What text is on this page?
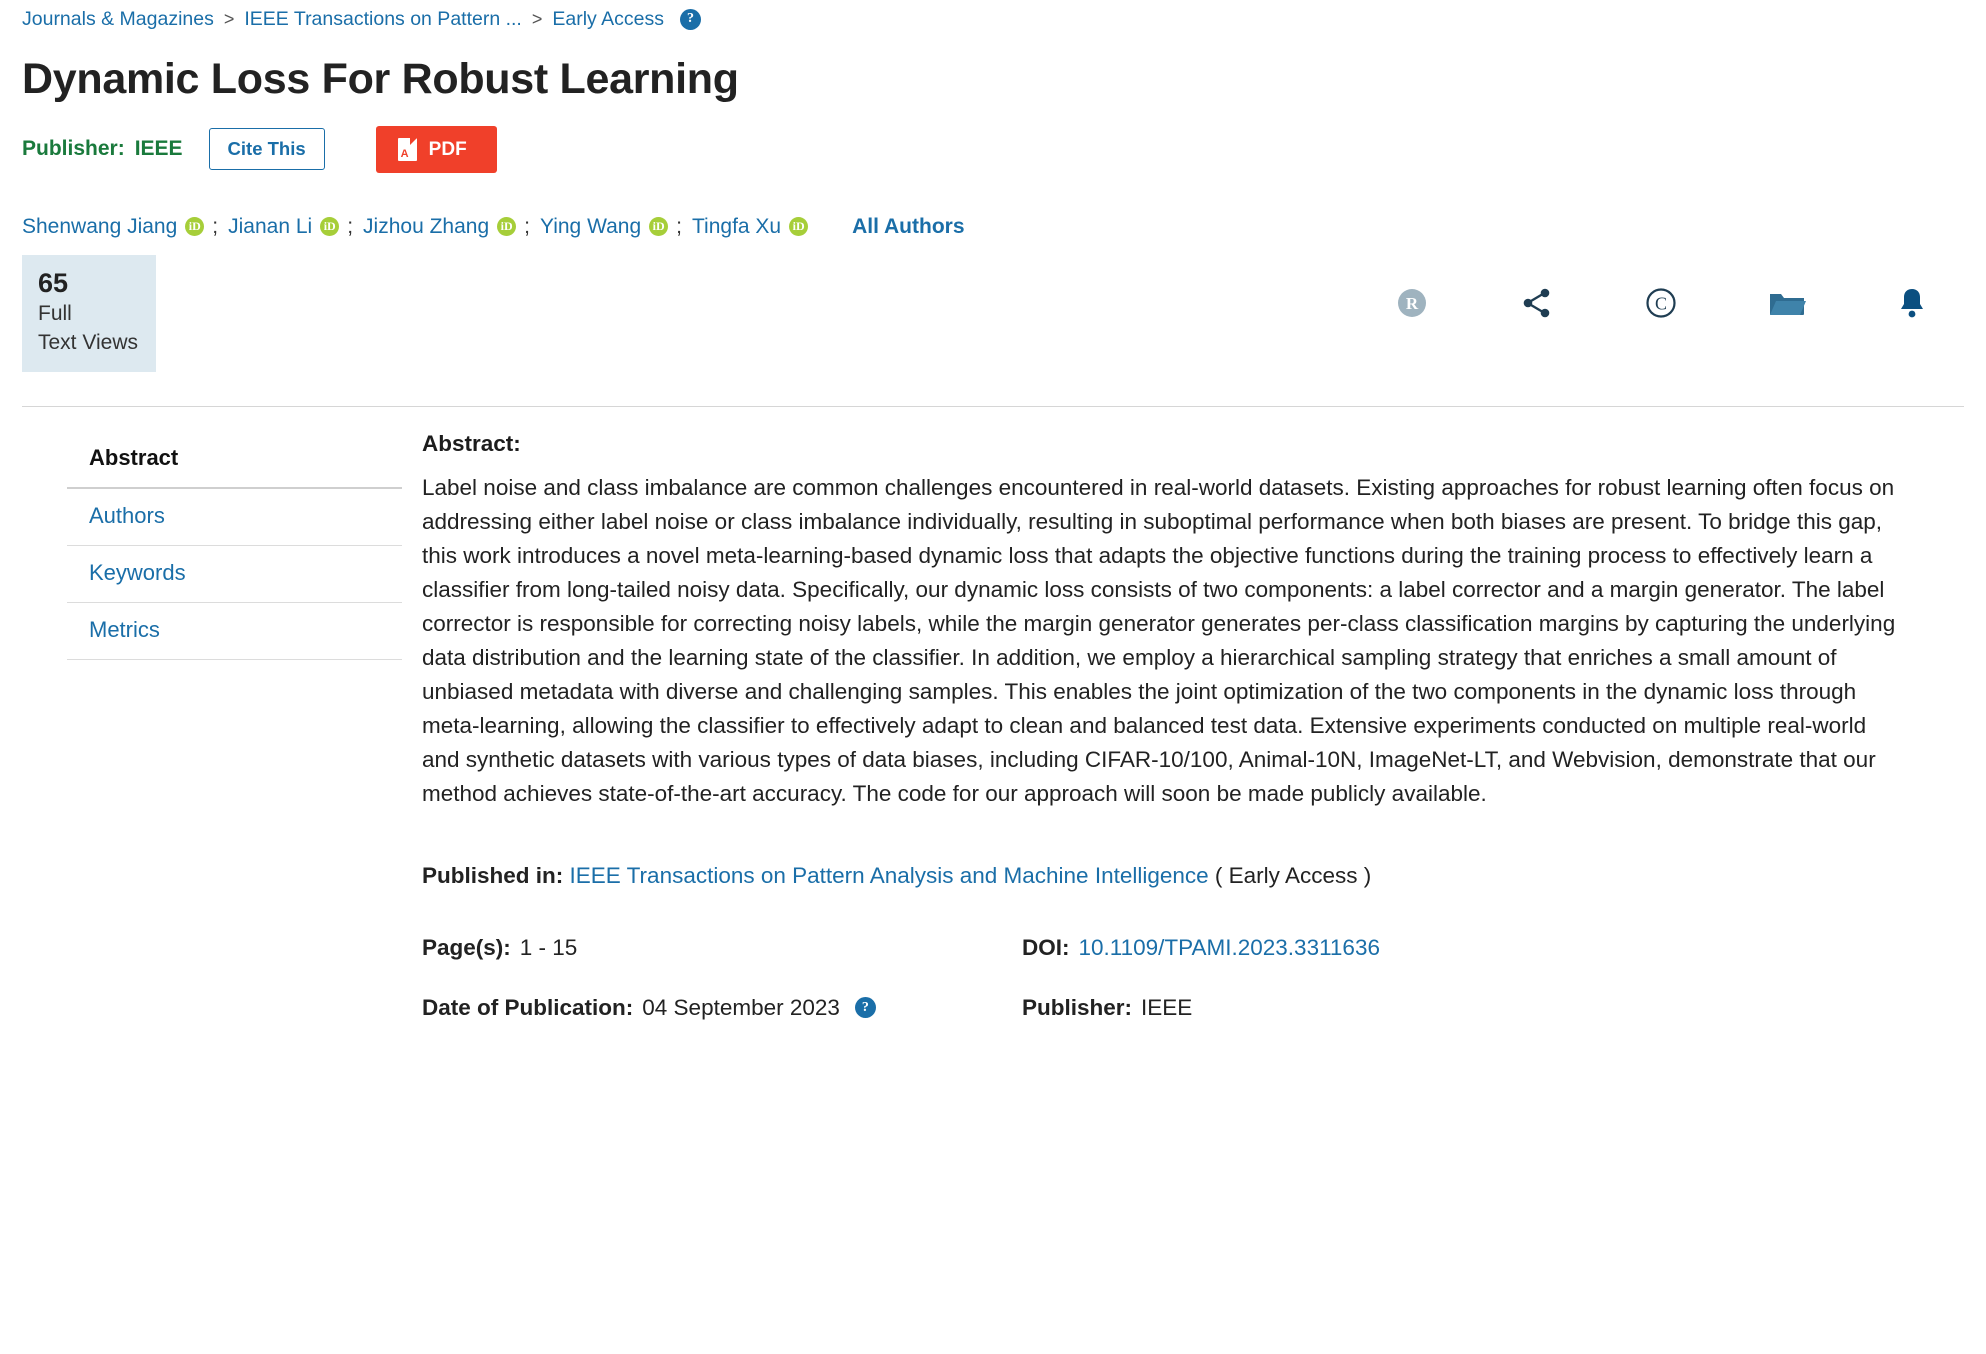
Journals & Magazines > IEEE Transactions on Pattern ... > Early Access	?
Dynamic Loss For Robust Learning
Publisher: IEEE	Cite This A	PDF
Shenwang Jiang iD ; Jianan Li iD ; Jizhou Zhang iD ; Ying Wang iD ; Tingfa Xu iD All Authors
65
Full
Text Views
R	C
Abstract
Authors
Keywords
Metrics
Abstract:
Label noise and class imbalance are common challenges encountered in real-world datasets. Existing approaches for robust learning often focus on addressing either label noise or class imbalance individually, resulting in suboptimal performance when both biases are present. To bridge this gap, this work introduces a novel meta-learning-based dynamic loss that adapts the objective functions during the training process to effectively learn a classifier from long-tailed noisy data. Specifically, our dynamic loss consists of two components: a label corrector and a margin generator. The label corrector is responsible for correcting noisy labels, while the margin generator generates per-class classification margins by capturing the underlying data distribution and the learning state of the classifier. In addition, we employ a hierarchical sampling strategy that enriches a small amount of unbiased metadata with diverse and challenging samples. This enables the joint optimization of the two components in the dynamic loss through meta-learning, allowing the classifier to effectively adapt to clean and balanced test data. Extensive experiments conducted on multiple real-world and synthetic datasets with various types of data biases, including CIFAR-10/100, Animal-10N, ImageNet-LT, and Webvision, demonstrate that our method achieves state-of-the-art accuracy. The code for our approach will soon be made publicly available.
Published in: IEEE Transactions on Pattern Analysis and Machine Intelligence ( Early Access )
Page(s): 1 - 15	DOI: 10.1109/TPAMI.2023.3311636
Date of Publication: 04 September 2023	?	Publisher: IEEE
